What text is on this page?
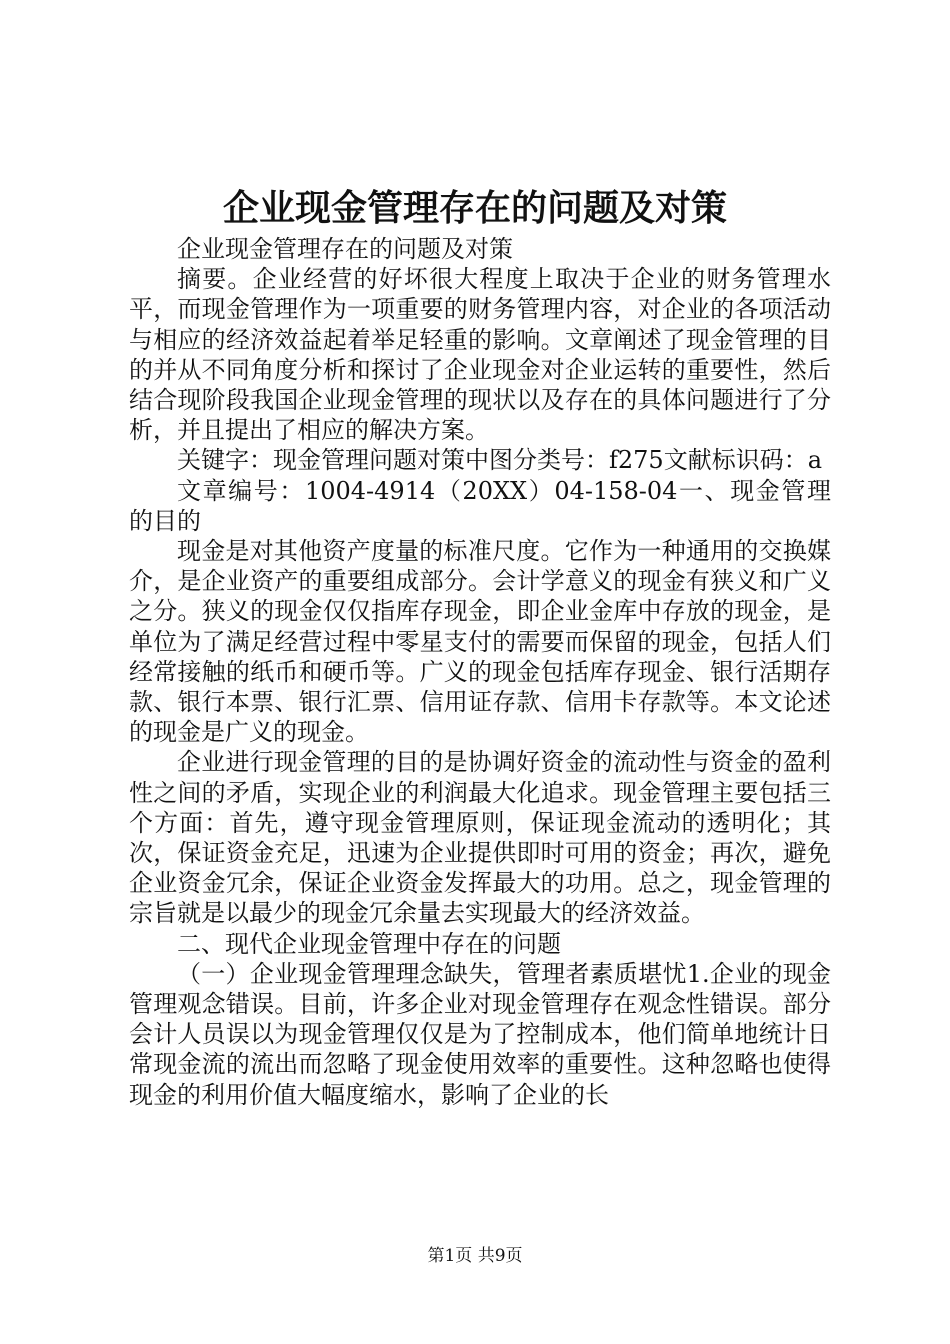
企业现金管理存在的问题及对策

企业现金管理存在的问题及对策

摘要。企业经营的好坏很大程度上取决于企业的财务管理水平，而现金管理作为一项重要的财务管理内容，对企业的各项活动与相应的经济效益起着举足轻重的影响。文章阐述了现金管理的目的并从不同角度分析和探讨了企业现金对企业运转的重要性，然后结合现阶段我国企业现金管理的现状以及存在的具体问题进行了分析，并且提出了相应的解决方案。

关键字：现金管理问题对策中图分类号：f275文献标识码：a

文章编号：1004-4914（20XX）04-158-04一、现金管理的目的

现金是对其他资产度量的标准尺度。它作为一种通用的交换媒介，是企业资产的重要组成部分。会计学意义的现金有狭义和广义之分。狭义的现金仅仅指库存现金，即企业金库中存放的现金，是单位为了满足经营过程中零星支付的需要而保留的现金，包括人们经常接触的纸币和硬币等。广义的现金包括库存现金、银行活期存款、银行本票、银行汇票、信用证存款、信用卡存款等。本文论述的现金是广义的现金。

企业进行现金管理的目的是协调好资金的流动性与资金的盈利性之间的矛盾，实现企业的利润最大化追求。现金管理主要包括三个方面：首先，遵守现金管理原则，保证现金流动的透明化；其次，保证资金充足，迅速为企业提供即时可用的资金；再次，避免企业资金冗余，保证企业资金发挥最大的功用。总之，现金管理的宗旨就是以最少的现金冗余量去实现最大的经济效益。

二、现代企业现金管理中存在的问题

（一）企业现金管理理念缺失，管理者素质堪忧1.企业的现金管理观念错误。目前，许多企业对现金管理存在观念性错误。部分会计人员误以为现金管理仅仅是为了控制成本，他们简单地统计日常现金流的流出而忽略了现金使用效率的重要性。这种忽略也使得现金的利用价值大幅度缩水，影响了企业的长

第1页 共9页
